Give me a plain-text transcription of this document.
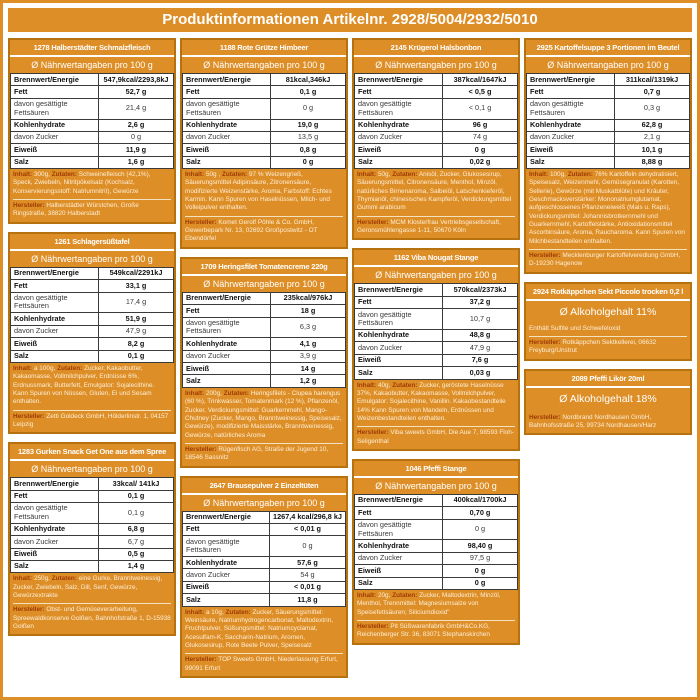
Produktinformationen Artikelnr. 2928/5004/2932/5010
1278 Halberstädter Schmalzfleisch
Ø Nährwertangaben pro 100 g
Brennwert/Energie	547,9kcal/2293,8kJ
Fett	52,7 g
davon gesättigte Fettsäuren	21,4 g
Kohlenhydrate	2,6 g
davon Zucker	0 g
Eiweiß	11,9 g
Salz	1,6 g

Inhalt: 300g, Zutaten: Schweinefleisch (42,1%), Speck, Zwiebeln, Nitritpökelsalz (Kochsalz, Konservierungsstoff: Natriumnitrit), Gewürze

Hersteller: Halberstädter Würstchen, Große Ringstraße, 38820 Halberstadt

1261 Schlagersüßtafel
Ø Nährwertangaben pro 100 g
Brennwert/Energie	549kcal/2291kJ
Fett	33,1 g
davon gesättigte Fettsäuren	17,4 g
Kohlenhydrate	51,9 g
davon Zucker	47,9 g
Eiweiß	8,2 g
Salz	0,1 g

Inhalt: a 100g, Zutaten: Zucker, Kakaobutter, Kakaomasse, Vollmilchpulver, Erdnüsse 6%, Erdnussmark, Butterfett, Emulgator: Sojalecithine. Kann Spuren von Nüssen, Gluten, Ei und Sesam enthalten.

Hersteller: Zetti Goldeck GmbH, Hölderlinstr. 1, 04157 Leipzig

1283 Gurken Snack Get One aus dem Spree
Ø Nährwertangaben pro 100 g
Brennwert/Energie	33kcal/ 141kJ
Fett	0,1 g
davon gesättigte Fettsäuren	0,1 g
Kohlenhydrate	6,8 g
davon Zucker	6,7 g
Eiweiß	0,5 g
Salz	1,4 g

Inhalt: 250g, Zutaten: eine Gurke, Branntweinessig, Zucker, Zwiebeln, Salz, Dill, Senf, Gewürze, Gewürzextrakte

Hersteller: Obst- und Gemüseverarbeitung, Spreewaldkonserve Golßen, Bahnhofstraße 1, D-15938 Golßen

1188 Rote Grütze Himbeer
Ø Nährwertangaben pro 100 g
Brennwert/Energie	81kcal,346kJ
Fett	0,1 g
davon gesättigte Fettsäuren	0 g
Kohlenhydrate	19,0 g
davon Zucker	13,5 g
Eiweiß	0,8 g
Salz	0 g

Inhalt: 50g , Zutaten: 97 % Weizengrieß, Säuerungsmittel Adipinsäure, Zitronensäure, modifizierte Weizenstärke, Aroma, Farbstoff: Echtes Karmin. Kann Spuren von Haselnüssen, Milch- und Volleipulver enthalten.

Hersteller: Komet Gerolf Pöhle & Co. GmbH, Gewerbepark Nr. 13, 02692 Großpostwitz - OT Ebendörfel

1709 Heringsfilet Tomatencreme 220g
Ø Nährwertangaben pro 100 g
Brennwert/Energie	235kcal/976kJ
Fett	18 g
davon gesättigte Fettsäuren	6,3 g
Kohlenhydrate	4,1 g
davon Zucker	3,9 g
Eiweiß	14 g
Salz	1,2 g

Inhalt: 200g, Zutaten: Heringsfilets - Clupea harengus (60 %), Trinkwasser, Tomatenmark (12 %), Pflanzenöl, Zucker, Verdickungsmittel: Guarkernmehl, Mango-Chutney (Zucker, Mango, Branntweinessig, Speisesalz, Gewürze), modifizierte Maisstärke, Branntweinessig, Gewürze, natürliches Aroma

Hersteller: Rügenfisch AG, Straße der Jugend 10, 18546 Sassnitz

2647 Brausepulver 2 Einzeltüten
Ø Nährwertangaben pro 100 g
Brennwert/Energie	1267,4 kcal/296,8 kJ
Fett	< 0,01 g
davon gesättigte Fettsäuren	0 g
Kohlenhydrate	57,6 g
davon Zucker	54 g
Eiweiß	< 0,01 g
Salz	11,8 g

Inhalt: a 10g, Zutaten: Zucker, Säuerungsmittel: Weinsäure, Natriumhydrogencarbonat, Maltodextrin, Fruchtpulver, Süßungsmittel: Natriumcyclamat, Acesulfam-K, Saccharin-Natrium, Aromen, Glukosesirup, Rote Beete Pulver, Speisesalz

Hersteller: TOP Sweets GmbH, Niederlassung Erfurt, 99091 Erfurt

2145 Krügerol Halsbonbon
Ø Nährwertangaben pro 100 g
Brennwert/Energie	387kcal/1647kJ
Fett	< 0,5 g
davon gesättigte Fettsäuren	< 0,1 g
Kohlenhydrate	96 g
davon Zucker	74 g
Eiweiß	0 g
Salz	0,02 g

Inhalt: 50g, Zutaten: Anisöl, Zucker, Glukosesirup, Säuerungsmittel, Citronensäure, Menthol, Minzöl, natürliches Birnenaroma, Salbeiöl, Latschenkieferöl, Thymianöl, chinesisches Kampferöl, Verdickungsmittel Gummi arabicum

Hersteller: MCM Klosterfrau Vertriebsgesellschaft, Geronsmühlengasse 1-11, 50670 Köln

1162 Viba Nougat Stange
Ø Nährwertangaben pro 100 g
Brennwert/Energie	570kcal/2373kJ
Fett	37,2 g
davon gesättigte Fettsäuren	10,7 g
Kohlenhydrate	48,8 g
davon Zucker	47,9 g
Eiweiß	7,6 g
Salz	0,03 g

Inhalt: 40g, Zutaten: Zucker, geröstete Haselnüsse 37%, Kakaobutter, Kakaomasse, Vollmilchpulver, Emulgator: Sojalecithine, Vanillin. Kakaobestandteile 14% Kann Spuren von Mandeln, Erdnüssen und Weizenbestandteilen enthalten.

Hersteller: Viba sweets GmbH, Die Aue 7, 98593 Floh-Seligenthal

1046 Pfeffi Stange
Ø Nährwertangaben pro 100 g
Brennwert/Energie	400kcal/1700kJ
Fett	0,70 g
davon gesättigte Fettsäuren	0 g
Kohlenhydrate	98,40 g
davon Zucker	97,5 g
Eiweiß	0 g
Salz	0 g

Inhalt: 20g, Zutaten: Zucker, Maltodextrin, Minzöl, Menthol, Trennmittel: Magnesiumsalze von Speisefettsäuren; Siliciumdioxid"

Hersteller: Pit Süßwarenfabrik GmbH&Co.KG, Reichenberger Str. 36, 83071 Stephanskirchen

2925 Kartoffelsuppe 3 Portionen im Beutel
Ø Nährwertangaben pro 100 g
Brennwert/Energie	311kcal/1319kJ
Fett	0,7 g
davon gesättigte Fettsäuren	0,3 g
Kohlenhydrate	62,8 g
davon Zucker	2,1 g
Eiweiß	10,1 g
Salz	8,88 g

Inhalt: 100g, Zutaten: 76% Kartoffeln dehydratisiert, Speisesalz, Weizenmehl, Gemüsegranulat (Karotten, Sellerie), Gewürze (mit Muskatblüte) und Kräuter, Geschmacksverstärker: Mononatriumglutamat, aufgeschlossenes Pflanzeneiweiß (Mais u. Raps), Verdickungsmittel: Johannisbrotkernmehl und Guarkernmehl, Kartoffelstärke, Antioxidationsmittel Ascorbinsäure, Aroma, Raucharoma. Kann Spuren von Milchbestandteilen enthalten.

Hersteller: Mecklenburger Kartoffelveredlung GmbH, D-19230 Hagenow

2924 Rotkäppchen Sekt Piccolo trocken 0,2 l
Ø Alkoholgehalt 11%

Enthält Sulfite und Schwefeloxid

Hersteller: Rotkäppchen Sektkellerei, 06632 Freyburg/Unstrut

2089 Pfeffi Likör 20ml
Ø Alkoholgehalt 18%

Hersteller: Nordbrand Nordhausen GmbH, Bahnhofsstraße 25, 99734 Nordhausen/Harz
